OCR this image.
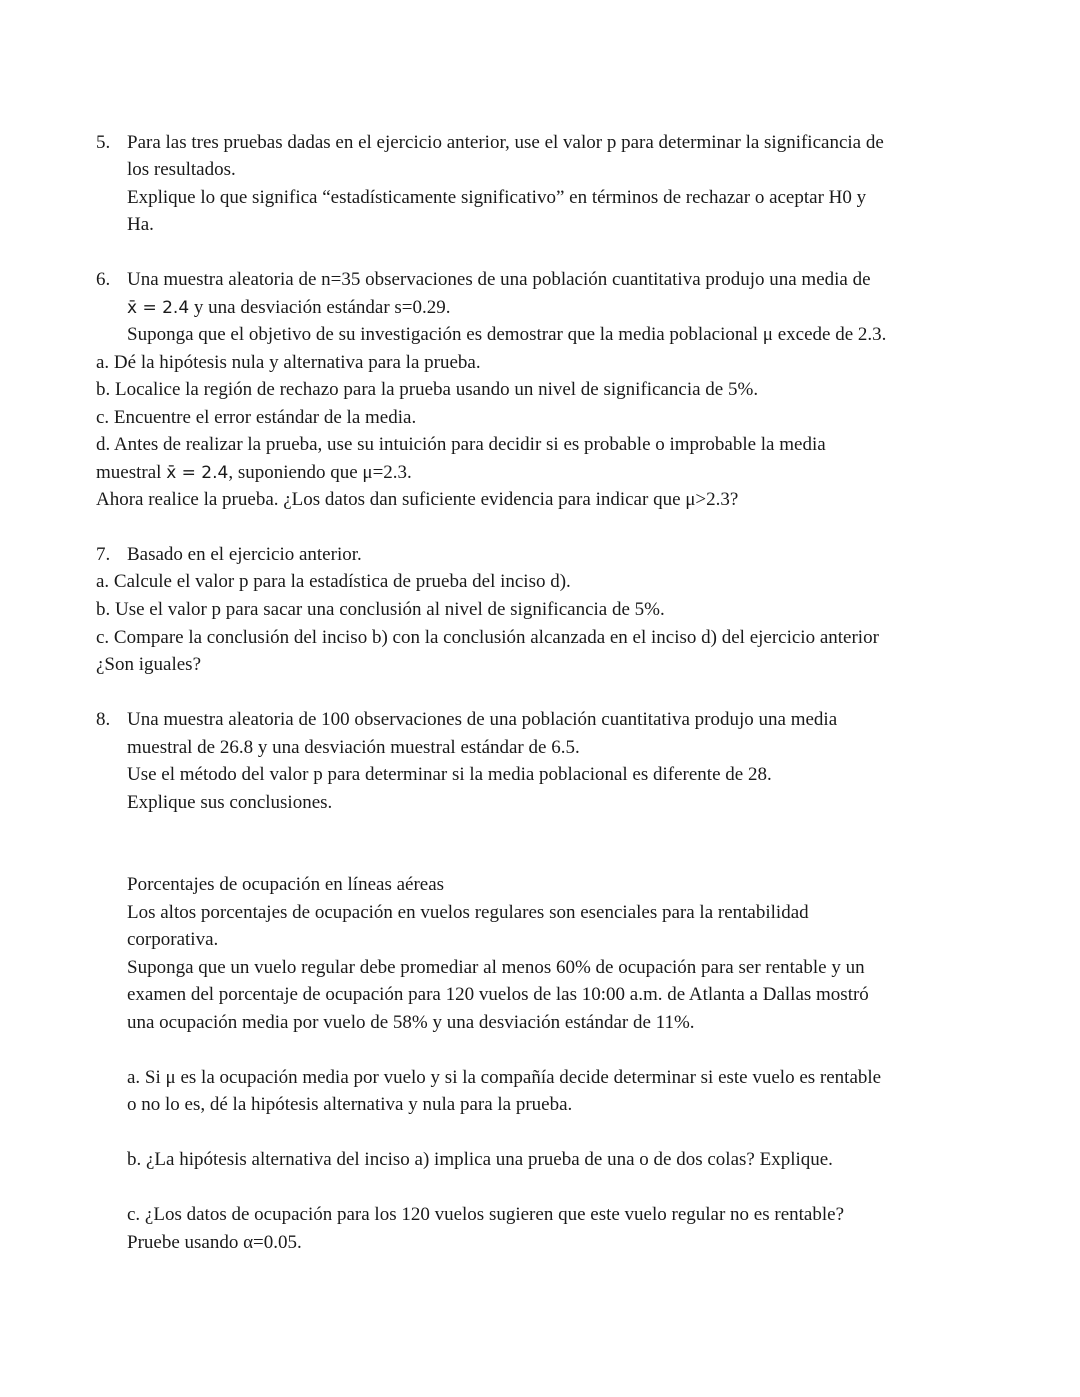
5. Para las tres pruebas dadas en el ejercicio anterior, use el valor p para determinar la significancia de
los resultados.
Explique lo que significa “estadísticamente significativo” en términos de rechazar o aceptar H0 y
Ha.
6. Una muestra aleatoria de n=35 observaciones de una población cuantitativa produjo una media de
x̄ = 2.4 y una desviación estándar s=0.29.
Suponga que el objetivo de su investigación es demostrar que la media poblacional μ excede de 2.3.
a. Dé la hipótesis nula y alternativa para la prueba.
b. Localice la región de rechazo para la prueba usando un nivel de significancia de 5%.
c. Encuentre el error estándar de la media.
d. Antes de realizar la prueba, use su intuición para decidir si es probable o improbable la media
muestral x̄ = 2.4, suponiendo que μ=2.3.
Ahora realice la prueba. ¿Los datos dan suficiente evidencia para indicar que μ>2.3?
7. Basado en el ejercicio anterior.
a. Calcule el valor p para la estadística de prueba del inciso d).
b. Use el valor p para sacar una conclusión al nivel de significancia de 5%.
c. Compare la conclusión del inciso b) con la conclusión alcanzada en el inciso d) del ejercicio anterior
¿Son iguales?
8. Una muestra aleatoria de 100 observaciones de una población cuantitativa produjo una media
muestral de 26.8 y una desviación muestral estándar de 6.5.
Use el método del valor p para determinar si la media poblacional es diferente de 28.
Explique sus conclusiones.
Porcentajes de ocupación en líneas aéreas
Los altos porcentajes de ocupación en vuelos regulares son esenciales para la rentabilidad
corporativa.
Suponga que un vuelo regular debe promediar al menos 60% de ocupación para ser rentable y un
examen del porcentaje de ocupación para 120 vuelos de las 10:00 a.m. de Atlanta a Dallas mostró
una ocupación media por vuelo de 58% y una desviación estándar de 11%.
a. Si μ es la ocupación media por vuelo y si la compañía decide determinar si este vuelo es rentable
o no lo es, dé la hipótesis alternativa y nula para la prueba.
b. ¿La hipótesis alternativa del inciso a) implica una prueba de una o de dos colas? Explique.
c. ¿Los datos de ocupación para los 120 vuelos sugieren que este vuelo regular no es rentable?
Pruebe usando α=0.05.
